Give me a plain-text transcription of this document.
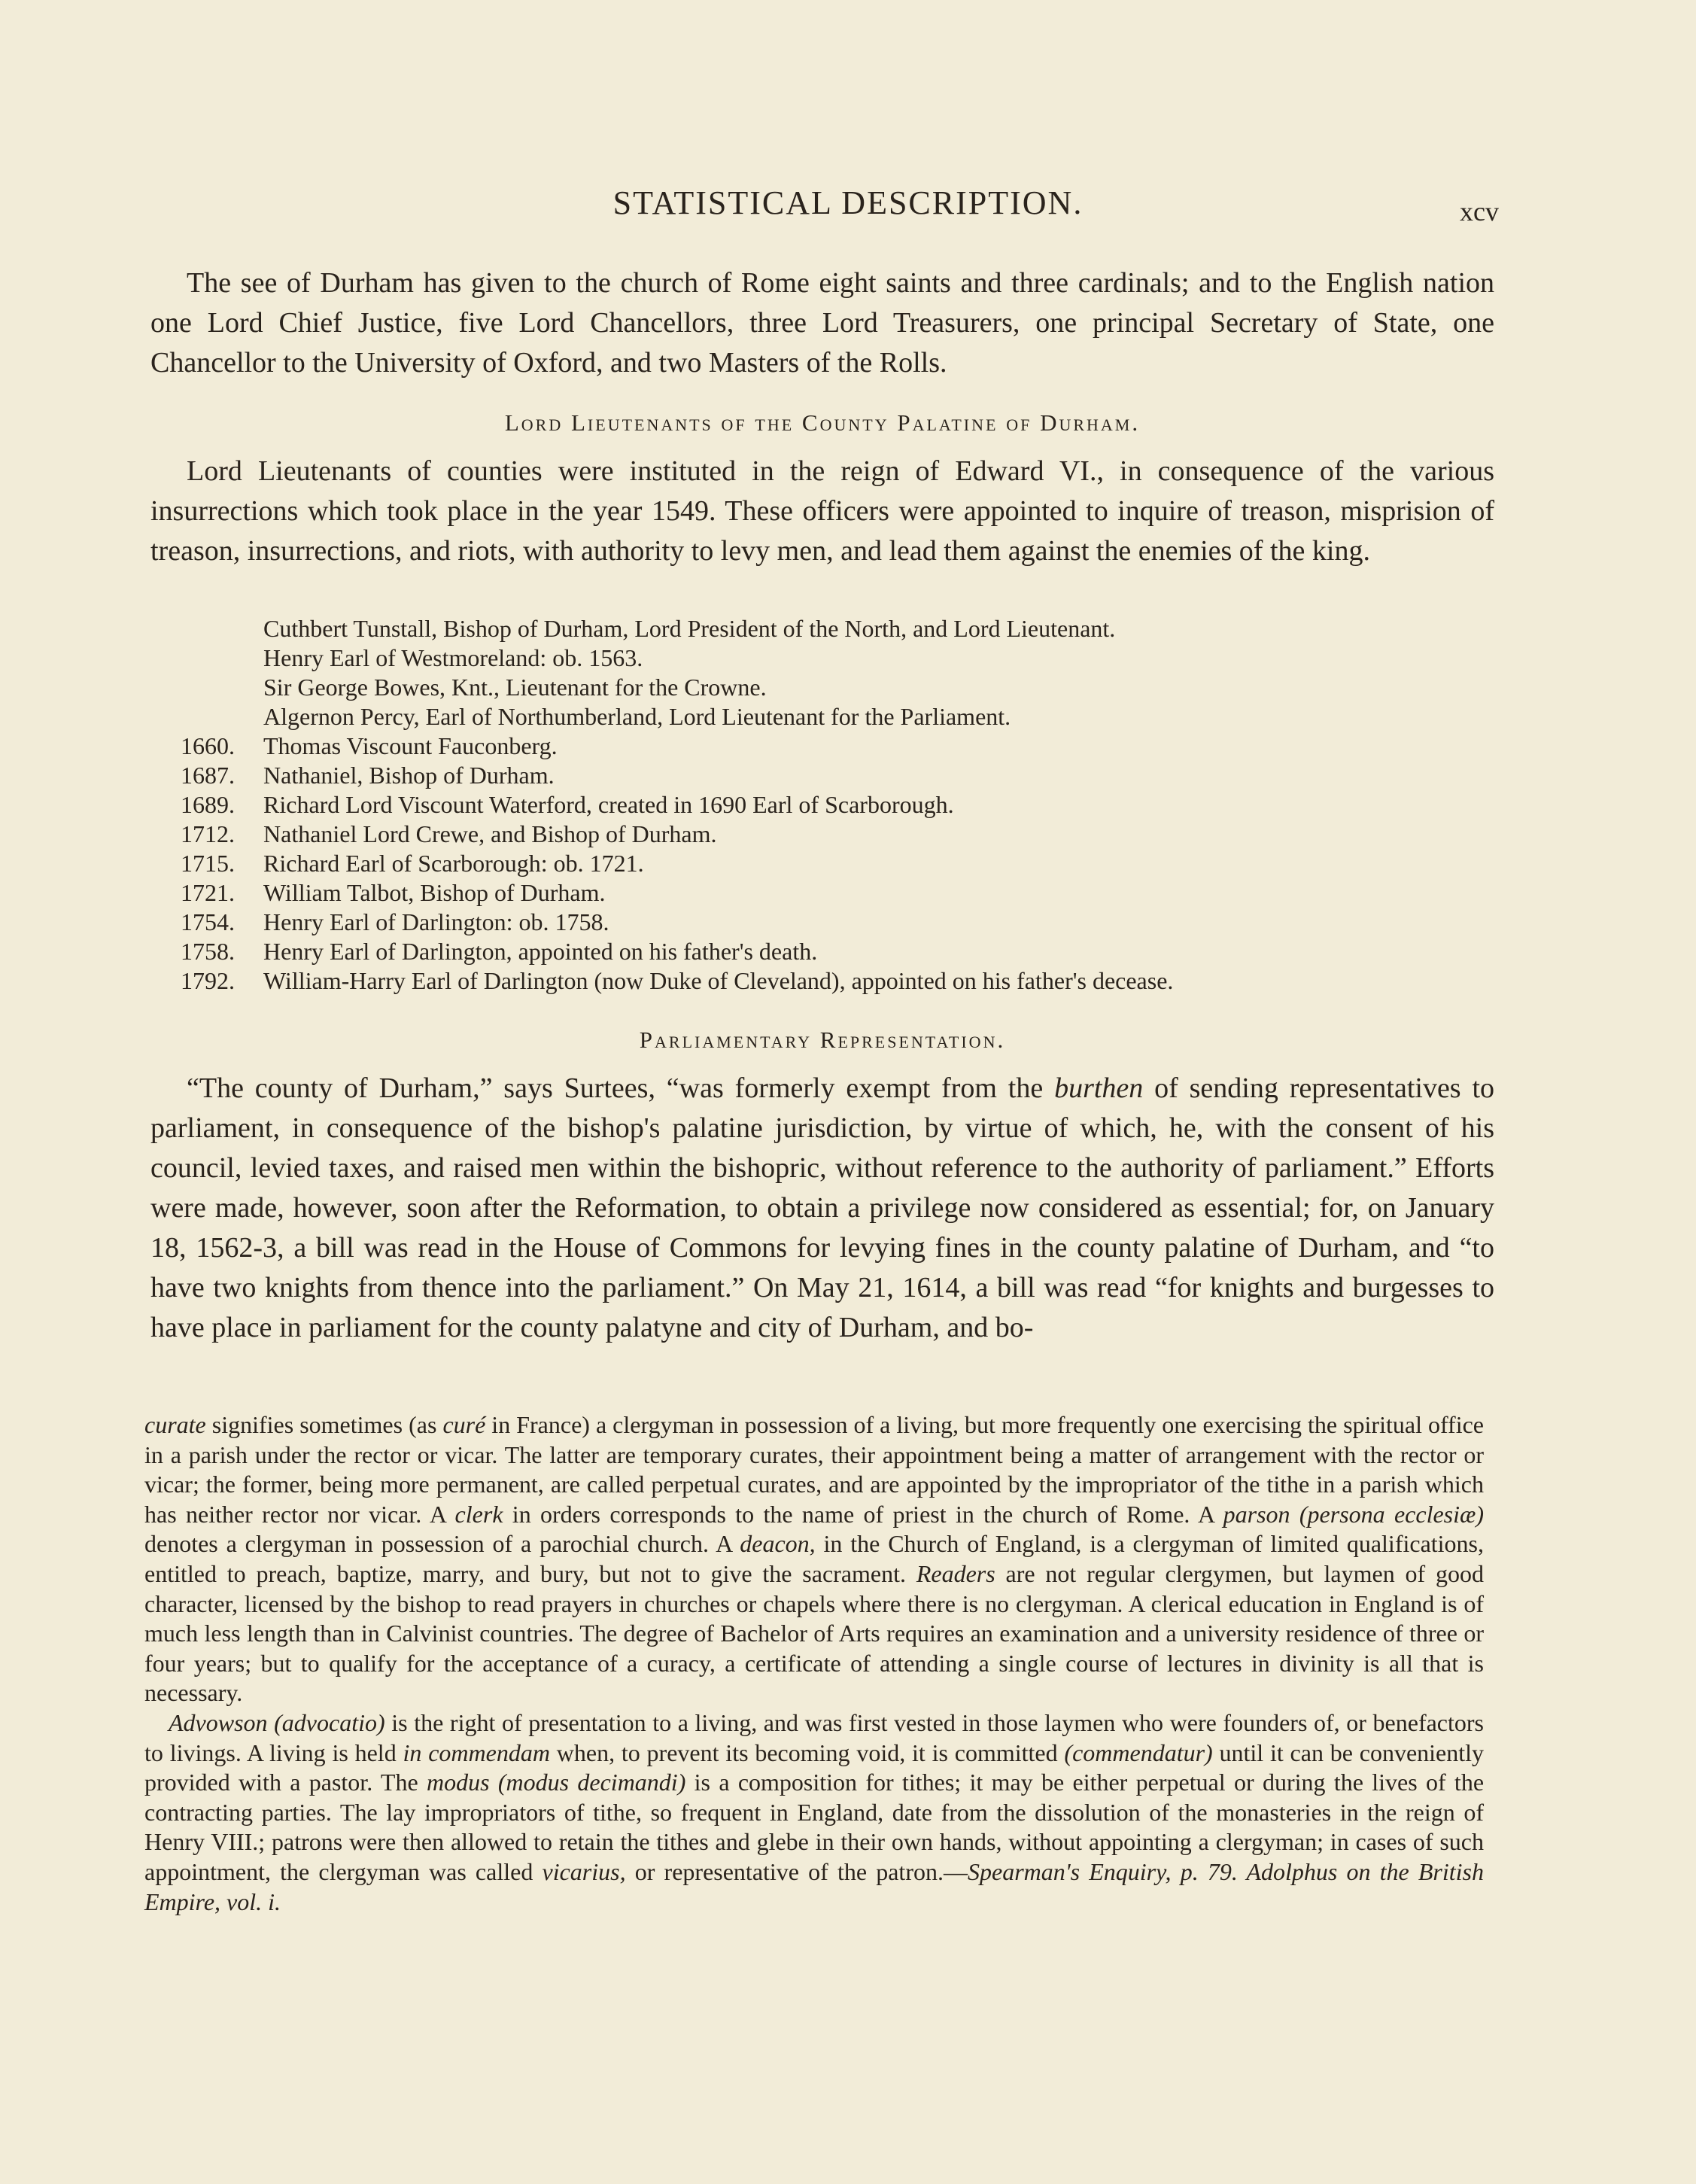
STATISTICAL DESCRIPTION.	xcv

The see of Durham has given to the church of Rome eight saints and three cardinals; and to the English nation one Lord Chief Justice, five Lord Chancellors, three Lord Treasurers, one principal Secretary of State, one Chancellor to the University of Oxford, and two Masters of the Rolls.

Lord Lieutenants of the County Palatine of Durham.

Lord Lieutenants of counties were instituted in the reign of Edward VI., in consequence of the various insurrections which took place in the year 1549. These officers were appointed to inquire of treason, misprision of treason, insurrections, and riots, with authority to levy men, and lead them against the enemies of the king.

Cuthbert Tunstall, Bishop of Durham, Lord President of the North, and Lord Lieutenant.
Henry Earl of Westmoreland: ob. 1563.
Sir George Bowes, Knt., Lieutenant for the Crowne.
Algernon Percy, Earl of Northumberland, Lord Lieutenant for the Parliament.
1660. Thomas Viscount Fauconberg.
1687. Nathaniel, Bishop of Durham.
1689. Richard Lord Viscount Waterford, created in 1690 Earl of Scarborough.
1712. Nathaniel Lord Crewe, and Bishop of Durham.
1715. Richard Earl of Scarborough: ob. 1721.
1721. William Talbot, Bishop of Durham.
1754. Henry Earl of Darlington: ob. 1758.
1758. Henry Earl of Darlington, appointed on his father's death.
1792. William-Harry Earl of Darlington (now Duke of Cleveland), appointed on his father's decease.

Parliamentary Representation.

“The county of Durham,” says Surtees, “was formerly exempt from the burthen of sending representatives to parliament, in consequence of the bishop's palatine jurisdiction, by virtue of which, he, with the consent of his council, levied taxes, and raised men within the bishopric, without reference to the authority of parliament.” Efforts were made, however, soon after the Reformation, to obtain a privilege now considered as essential; for, on January 18, 1562-3, a bill was read in the House of Commons for levying fines in the county palatine of Durham, and “to have two knights from thence into the parliament.” On May 21, 1614, a bill was read “for knights and burgesses to have place in parliament for the county palatyne and city of Durham, and bo-

curate signifies sometimes (as curé in France) a clergyman in possession of a living, but more frequently one exercising the spiritual office in a parish under the rector or vicar. The latter are temporary curates, their appointment being a matter of arrangement with the rector or vicar; the former, being more permanent, are called perpetual curates, and are appointed by the impropriator of the tithe in a parish which has neither rector nor vicar. A clerk in orders corresponds to the name of priest in the church of Rome. A parson (persona ecclesiæ) denotes a clergyman in possession of a parochial church. A deacon, in the Church of England, is a clergyman of limited qualifications, entitled to preach, baptize, marry, and bury, but not to give the sacrament. Readers are not regular clergymen, but laymen of good character, licensed by the bishop to read prayers in churches or chapels where there is no clergyman. A clerical education in England is of much less length than in Calvinist countries. The degree of Bachelor of Arts requires an examination and a university residence of three or four years; but to qualify for the acceptance of a curacy, a certificate of attending a single course of lectures in divinity is all that is necessary.

Advowson (advocatio) is the right of presentation to a living, and was first vested in those laymen who were founders of, or benefactors to livings. A living is held in commendam when, to prevent its becoming void, it is committed (commendatur) until it can be conveniently provided with a pastor. The modus (modus decimandi) is a composition for tithes; it may be either perpetual or during the lives of the contracting parties. The lay impropriators of tithe, so frequent in England, date from the dissolution of the monasteries in the reign of Henry VIII.; patrons were then allowed to retain the tithes and glebe in their own hands, without appointing a clergyman; in cases of such appointment, the clergyman was called vicarius, or representative of the patron.—Spearman's Enquiry, p. 79. Adolphus on the British Empire, vol. i.
